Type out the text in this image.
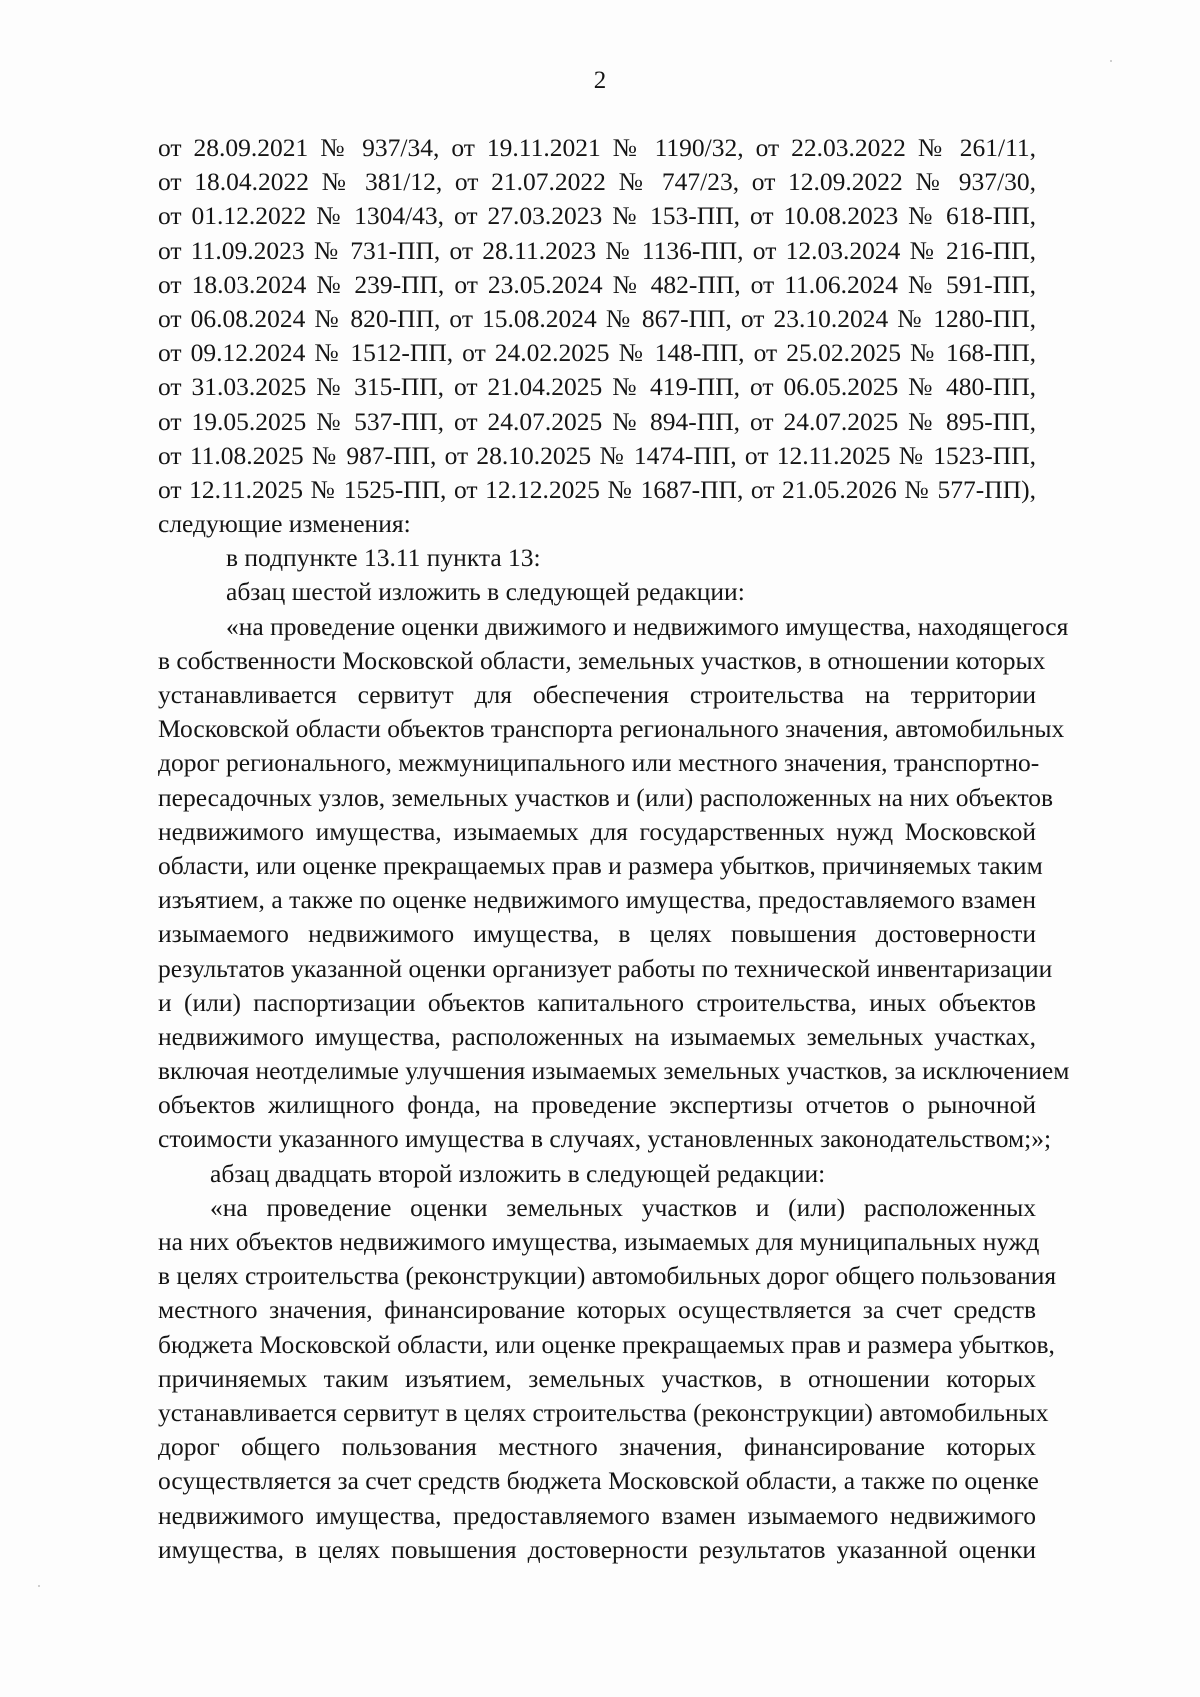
2
от 28.09.2021 № 937/34, от 19.11.2021 № 1190/32, от 22.03.2022 № 261/11,
от 18.04.2022 № 381/12, от 21.07.2022 № 747/23, от 12.09.2022 № 937/30,
от 01.12.2022 № 1304/43, от 27.03.2023 № 153-ПП, от 10.08.2023 № 618-ПП,
от 11.09.2023 № 731-ПП, от 28.11.2023 № 1136-ПП, от 12.03.2024 № 216-ПП,
от 18.03.2024 № 239-ПП, от 23.05.2024 № 482-ПП, от 11.06.2024 № 591-ПП,
от 06.08.2024 № 820-ПП, от 15.08.2024 № 867-ПП, от 23.10.2024 № 1280-ПП,
от 09.12.2024 № 1512-ПП, от 24.02.2025 № 148-ПП, от 25.02.2025 № 168-ПП,
от 31.03.2025 № 315-ПП, от 21.04.2025 № 419-ПП, от 06.05.2025 № 480-ПП,
от 19.05.2025 № 537-ПП, от 24.07.2025 № 894-ПП, от 24.07.2025 № 895-ПП,
от 11.08.2025 № 987-ПП, от 28.10.2025 № 1474-ПП, от 12.11.2025 № 1523-ПП,
от 12.11.2025 № 1525-ПП, от 12.12.2025 № 1687-ПП, от 21.05.2026 № 577-ПП),
следующие изменения:
в подпункте 13.11 пункта 13:
абзац шестой изложить в следующей редакции:
«на проведение оценки движимого и недвижимого имущества, находящегося
в собственности Московской области, земельных участков, в отношении которых
устанавливается сервитут для обеспечения строительства на территории
Московской области объектов транспорта регионального значения, автомобильных
дорог регионального, межмуниципального или местного значения, транспортно-
пересадочных узлов, земельных участков и (или) расположенных на них объектов
недвижимого имущества, изымаемых для государственных нужд Московской
области, или оценке прекращаемых прав и размера убытков, причиняемых таким
изъятием, а также по оценке недвижимого имущества, предоставляемого взамен
изымаемого недвижимого имущества, в целях повышения достоверности
результатов указанной оценки организует работы по технической инвентаризации
и (или) паспортизации объектов капитального строительства, иных объектов
недвижимого имущества, расположенных на изымаемых земельных участках,
включая неотделимые улучшения изымаемых земельных участков, за исключением
объектов жилищного фонда, на проведение экспертизы отчетов о рыночной
стоимости указанного имущества в случаях, установленных законодательством;»;
абзац двадцать второй изложить в следующей редакции:
«на проведение оценки земельных участков и (или) расположенных
на них объектов недвижимого имущества, изымаемых для муниципальных нужд
в целях строительства (реконструкции) автомобильных дорог общего пользования
местного значения, финансирование которых осуществляется за счет средств
бюджета Московской области, или оценке прекращаемых прав и размера убытков,
причиняемых таким изъятием, земельных участков, в отношении которых
устанавливается сервитут в целях строительства (реконструкции) автомобильных
дорог общего пользования местного значения, финансирование которых
осуществляется за счет средств бюджета Московской области, а также по оценке
недвижимого имущества, предоставляемого взамен изымаемого недвижимого
имущества, в целях повышения достоверности результатов указанной оценки
